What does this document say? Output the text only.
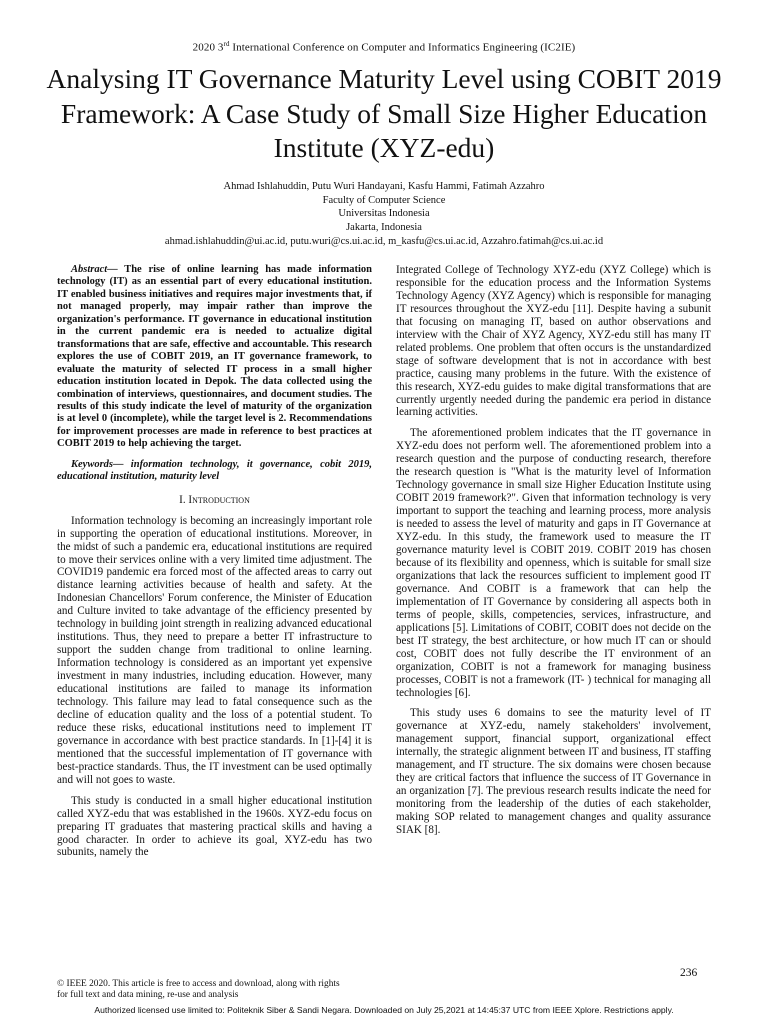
2020 3rd International Conference on Computer and Informatics Engineering (IC2IE)
Analysing IT Governance Maturity Level using COBIT 2019 Framework: A Case Study of Small Size Higher Education Institute (XYZ-edu)
Ahmad Ishlahuddin, Putu Wuri Handayani, Kasfu Hammi, Fatimah Azzahro
Faculty of Computer Science
Universitas Indonesia
Jakarta, Indonesia
ahmad.ishlahuddin@ui.ac.id, putu.wuri@cs.ui.ac.id, m_kasfu@cs.ui.ac.id, Azzahro.fatimah@cs.ui.ac.id

Abstract— The rise of online learning has made information technology (IT) as an essential part of every educational institution. IT enabled business initiatives and requires major investments that, if not managed properly, may impair rather than improve the organization's performance. IT governance in educational institution in the current pandemic era is needed to actualize digital transformations that are safe, effective and accountable. This research explores the use of COBIT 2019, an IT governance framework, to evaluate the maturity of selected IT process in a small higher education institution located in Depok. The data collected using the combination of interviews, questionnaires, and document studies. The results of this study indicate the level of maturity of the organization is at level 0 (incomplete), while the target level is 2. Recommendations for improvement processes are made in reference to best practices at COBIT 2019 to help achieving the target.

Keywords— information technology, it governance, cobit 2019, educational institution, maturity level

I. Introduction

Information technology is becoming an increasingly important role in supporting the operation of educational institutions. Moreover, in the midst of such a pandemic era, educational institutions are required to move their services online with a very limited time adjustment. The COVID19 pandemic era forced most of the affected areas to carry out distance learning activities because of health and safety. At the Indonesian Chancellors' Forum conference, the Minister of Education and Culture invited to take advantage of the efficiency presented by technology in building joint strength in realizing advanced educational institutions. Thus, they need to prepare a better IT infrastructure to support the sudden change from traditional to online learning. Information technology is considered as an important yet expensive investment in many industries, including education. However, many educational institutions are failed to manage its information technology. This failure may lead to fatal consequence such as the decline of education quality and the loss of a potential student. To reduce these risks, educational institutions need to implement IT governance in accordance with best practice standards. In [1]-[4] it is mentioned that the successful implementation of IT governance with best-practice standards. Thus, the IT investment can be used optimally and will not goes to waste.

This study is conducted in a small higher educational institution called XYZ-edu that was established in the 1960s. XYZ-edu focus on preparing IT graduates that mastering practical skills and having a good character. In order to achieve its goal, XYZ-edu has two subunits, namely the

Integrated College of Technology XYZ-edu (XYZ College) which is responsible for the education process and the Information Systems Technology Agency (XYZ Agency) which is responsible for managing IT resources throughout the XYZ-edu [11]. Despite having a subunit that focusing on managing IT, based on author observations and interview with the Chair of XYZ Agency, XYZ-edu still has many IT related problems. One problem that often occurs is the unstandardized stage of software development that is not in accordance with best practice, causing many problems in the future. With the existence of this research, XYZ-edu guides to make digital transformations that are currently urgently needed during the pandemic era period in distance learning activities.

The aforementioned problem indicates that the IT governance in XYZ-edu does not perform well. The aforementioned problem into a research question and the purpose of conducting research, therefore the research question is "What is the maturity level of Information Technology governance in small size Higher Education Institute using COBIT 2019 framework?". Given that information technology is very important to support the teaching and learning process, more analysis is needed to assess the level of maturity and gaps in IT Governance at XYZ-edu. In this study, the framework used to measure the IT governance maturity level is COBIT 2019. COBIT 2019 has chosen because of its flexibility and openness, which is suitable for small size organizations that lack the resources sufficient to implement good IT governance. And COBIT is a framework that can help the implementation of IT Governance by considering all aspects both in terms of people, skills, competencies, services, infrastructure, and applications [5]. Limitations of COBIT, COBIT does not decide on the best IT strategy, the best architecture, or how much IT can or should cost, COBIT does not fully describe the IT environment of an organization, COBIT is not a framework for managing business processes, COBIT is not a framework (IT- ) technical for managing all technologies [6].

This study uses 6 domains to see the maturity level of IT governance at XYZ-edu, namely stakeholders' involvement, management support, financial support, organizational effect internally, the strategic alignment between IT and business, IT staffing management, and IT structure. The six domains were chosen because they are critical factors that influence the success of IT Governance in an organization [7]. The previous research results indicate the need for monitoring from the leadership of the duties of each stakeholder, making SOP related to management changes and quality assurance SIAK [8].

236
© IEEE 2020. This article is free to access and download, along with rights
for full text and data mining, re-use and analysis
Authorized licensed use limited to: Politeknik Siber & Sandi Negara. Downloaded on July 25,2021 at 14:45:37 UTC from IEEE Xplore. Restrictions apply.
